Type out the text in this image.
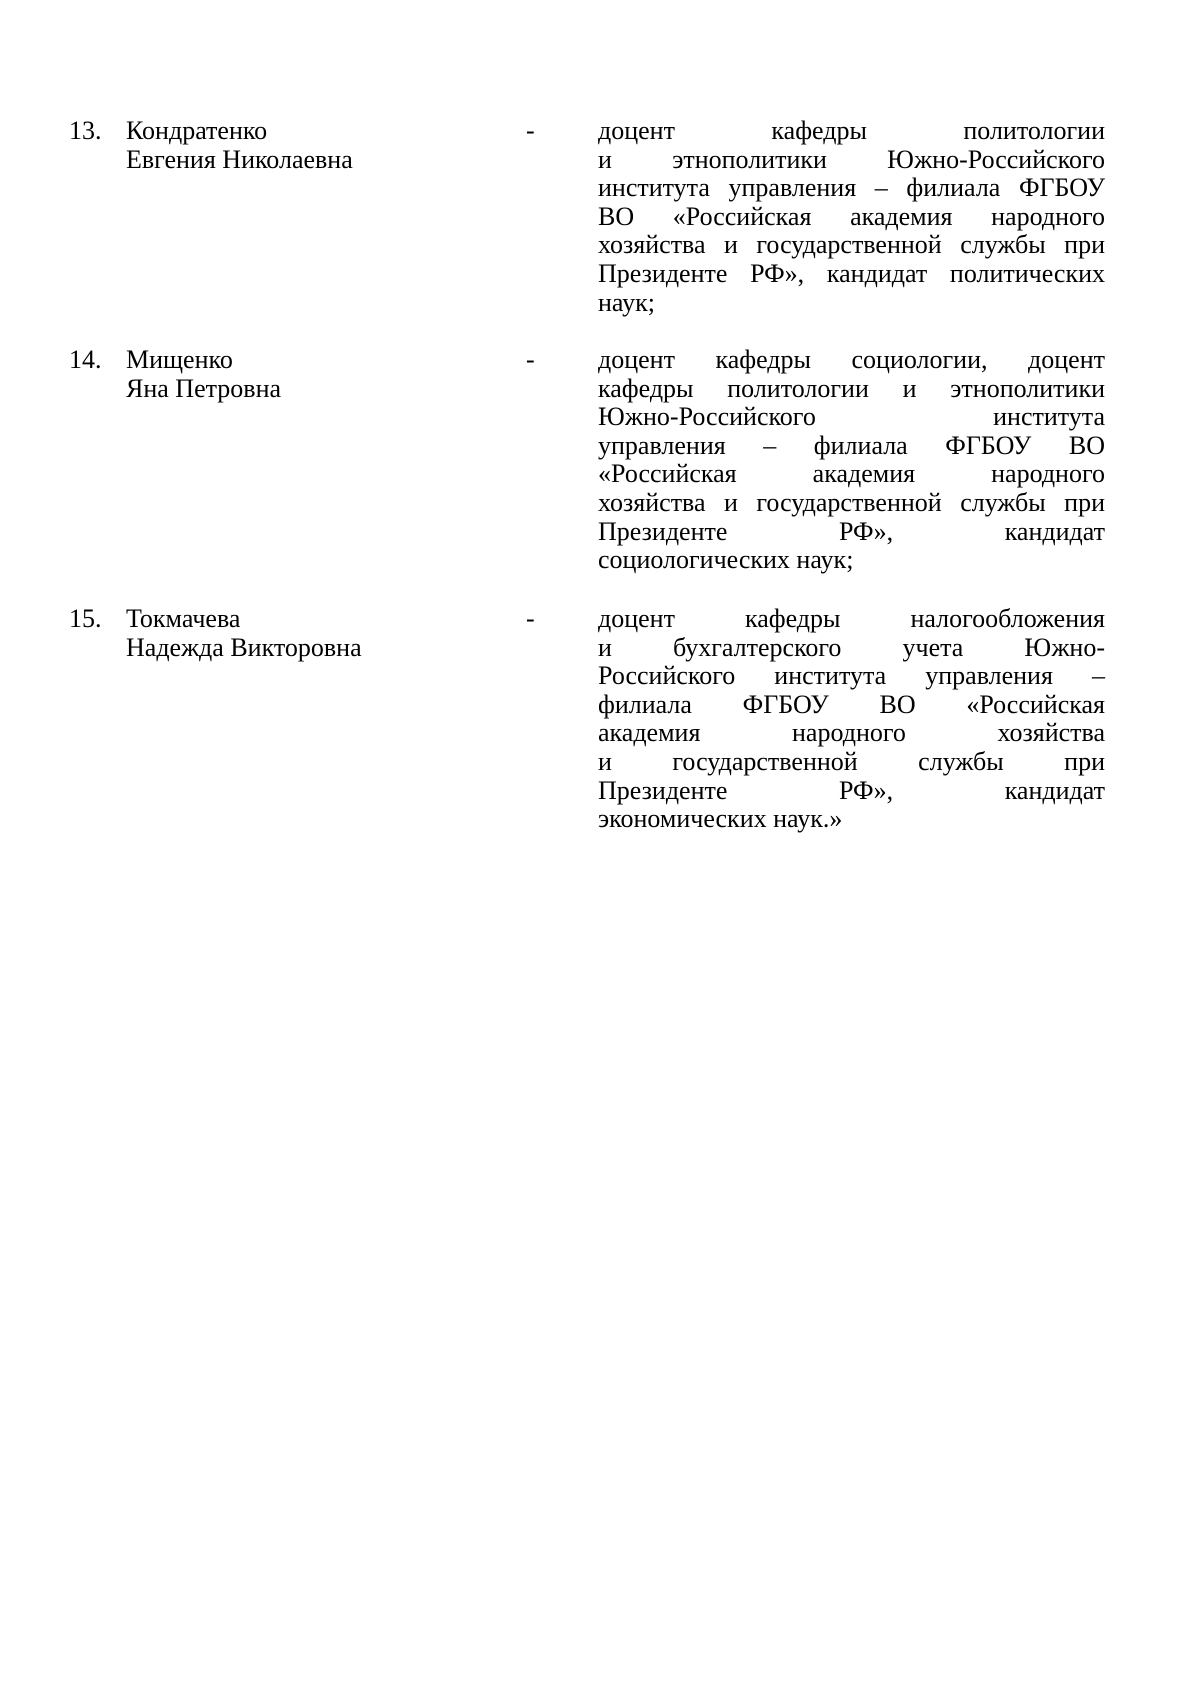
13. Кондратенко
Евгения Николаевна
-	доцент кафедры политологии
и этнополитики Южно-Российского
института управления – филиала ФГБОУ
ВО «Российская академия народного
хозяйства и государственной службы при
Президенте РФ», кандидат политических
наук;
14. Мищенко
Яна Петровна
-	доцент кафедры социологии, доцент
кафедры политологии и этнополитики
Южно-Российского института
управления – филиала ФГБОУ ВО
«Российская академия народного
хозяйства и государственной службы при
Президенте РФ», кандидат
социологических наук;
15. Токмачева
Надежда Викторовна
-	доцент кафедры налогообложения
и бухгалтерского учета Южно-
Российского института управления –
филиала ФГБОУ ВО «Российская
академия народного хозяйства
и государственной службы при
Президенте РФ», кандидат
экономических наук.»
